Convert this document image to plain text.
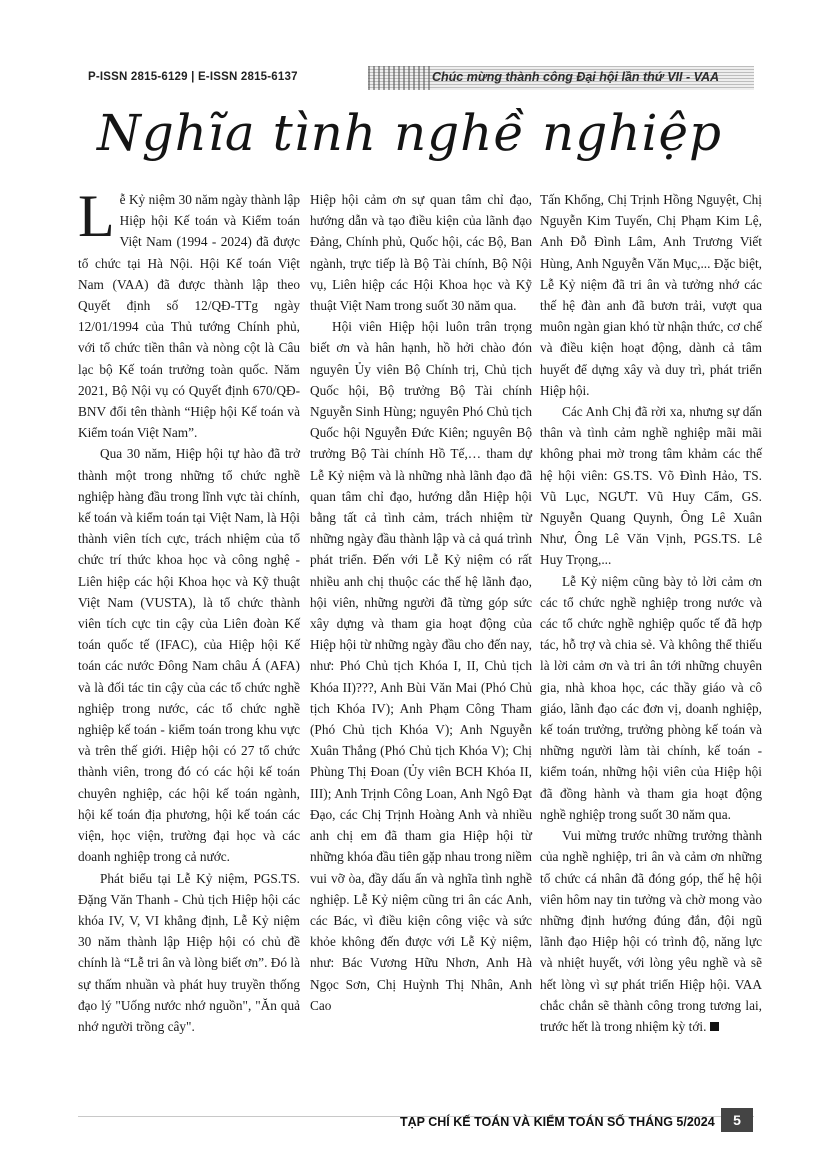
P-ISSN 2815-6129 | E-ISSN 2815-6137	Chúc mừng thành công Đại hội lần thứ VII - VAA
Nghĩa tình nghề nghiệp

Lễ Kỷ niệm 30 năm ngày thành lập Hiệp hội Kế toán và Kiểm toán Việt Nam (1994 - 2024) đã được tổ chức tại Hà Nội. Hội Kế toán Việt Nam (VAA) đã được thành lập theo Quyết định số 12/QĐ-TTg ngày 12/01/1994 của Thủ tướng Chính phủ, với tổ chức tiền thân và nòng cột là Câu lạc bộ Kế toán trưởng toàn quốc. Năm 2021, Bộ Nội vụ có Quyết định 670/QĐ-BNV đổi tên thành “Hiệp hội Kế toán và Kiểm toán Việt Nam”.

Qua 30 năm, Hiệp hội tự hào đã trở thành một trong những tổ chức nghề nghiệp hàng đầu trong lĩnh vực tài chính, kế toán và kiểm toán tại Việt Nam, là Hội thành viên tích cực, trách nhiệm của tổ chức trí thức khoa học và công nghệ - Liên hiệp các hội Khoa học và Kỹ thuật Việt Nam (VUSTA), là tổ chức thành viên tích cực tin cậy của Liên đoàn Kế toán quốc tế (IFAC), của Hiệp hội Kế toán các nước Đông Nam châu Á (AFA) và là đối tác tin cậy của các tổ chức nghề nghiệp trong nước, các tổ chức nghề nghiệp kế toán - kiểm toán trong khu vực và trên thế giới. Hiệp hội có 27 tổ chức thành viên, trong đó có các hội kế toán chuyên nghiệp, các hội kế toán ngành, hội kế toán địa phương, hội kế toán các viện, học viện, trường đại học và các doanh nghiệp trong cả nước.

Phát biểu tại Lễ Kỷ niệm, PGS.TS. Đặng Văn Thanh - Chủ tịch Hiệp hội các khóa IV, V, VI khẳng định, Lễ Kỷ niệm 30 năm thành lập Hiệp hội có chủ đề chính là “Lễ tri ân và lòng biết ơn”. Đó là sự thấm nhuần và phát huy truyền thống đạo lý "Uống nước nhớ nguồn", "Ăn quả nhớ người trồng cây".

Hiệp hội cảm ơn sự quan tâm chỉ đạo, hướng dẫn và tạo điều kiện của lãnh đạo Đảng, Chính phủ, Quốc hội, các Bộ, Ban ngành, trực tiếp là Bộ Tài chính, Bộ Nội vụ, Liên hiệp các Hội Khoa học và Kỹ thuật Việt Nam trong suốt 30 năm qua.

Hội viên Hiệp hội luôn trân trọng biết ơn và hân hạnh, hồ hởi chào đón nguyên Ủy viên Bộ Chính trị, Chủ tịch Quốc hội, Bộ trưởng Bộ Tài chính Nguyễn Sinh Hùng; nguyên Phó Chủ tịch Quốc hội Nguyễn Đức Kiên; nguyên Bộ trưởng Bộ Tài chính Hồ Tế,… tham dự Lễ Kỷ niệm và là những nhà lãnh đạo đã quan tâm chỉ đạo, hướng dẫn Hiệp hội bằng tất cả tình cảm, trách nhiệm từ những ngày đầu thành lập và cả quá trình phát triển. Đến với Lễ Kỷ niệm có rất nhiều anh chị thuộc các thế hệ lãnh đạo, hội viên, những người đã từng góp sức xây dựng và tham gia hoạt động của Hiệp hội từ những ngày đầu cho đến nay, như: Phó Chủ tịch Khóa I, II, Chủ tịch Khóa II)???, Anh Bùi Văn Mai (Phó Chủ tịch Khóa IV); Anh Phạm Công Tham (Phó Chủ tịch Khóa V); Anh Nguyễn Xuân Thắng (Phó Chủ tịch Khóa V); Chị Phùng Thị Đoan (Ủy viên BCH Khóa II, III); Anh Trịnh Công Loan, Anh Ngô Đạt Đạo, các Chị Trịnh Hoàng Anh và nhiều anh chị em đã tham gia Hiệp hội từ những khóa đầu tiên gặp nhau trong niềm vui vỡ òa, đầy dấu ấn và nghĩa tình nghề nghiệp. Lễ Kỷ niệm cũng tri ân các Anh, các Bác, vì điều kiện công việc và sức khỏe không đến được với Lễ Kỷ niệm, như: Bác Vương Hữu Nhơn, Anh Hà Ngọc Sơn, Chị Huỳnh Thị Nhân, Anh Cao

Tấn Khổng, Chị Trịnh Hồng Nguyệt, Chị Nguyễn Kim Tuyến, Chị Phạm Kim Lệ, Anh Đỗ Đình Lâm, Anh Trương Viết Hùng, Anh Nguyễn Văn Mục,... Đặc biệt, Lễ Kỷ niệm đã tri ân và tưởng nhớ các thế hệ đàn anh đã bươn trải, vượt qua muôn ngàn gian khó từ nhận thức, cơ chế và điều kiện hoạt động, dành cả tâm huyết để dựng xây và duy trì, phát triển Hiệp hội.

Các Anh Chị đã rời xa, nhưng sự dấn thân và tình cảm nghề nghiệp mãi mãi không phai mờ trong tâm khảm các thế hệ hội viên: GS.TS. Võ Đình Hảo, TS. Vũ Lục, NGƯT. Vũ Huy Cẩm, GS. Nguyễn Quang Quynh, Ông Lê Xuân Như, Ông Lê Văn Vịnh, PGS.TS. Lê Huy Trọng,...

Lễ Kỷ niệm cũng bày tỏ lời cảm ơn các tổ chức nghề nghiệp trong nước và các tổ chức nghề nghiệp quốc tế đã hợp tác, hỗ trợ và chia sẻ. Và không thể thiếu là lời cảm ơn và tri ân tới những chuyên gia, nhà khoa học, các thầy giáo và cô giáo, lãnh đạo các đơn vị, doanh nghiệp, kế toán trưởng, trưởng phòng kế toán và những người làm tài chính, kế toán - kiểm toán, những hội viên của Hiệp hội đã đồng hành và tham gia hoạt động nghề nghiệp trong suốt 30 năm qua.

Vui mừng trước những trưởng thành của nghề nghiệp, tri ân và cảm ơn những tổ chức cá nhân đã đóng góp, thế hệ hội viên hôm nay tin tưởng và chờ mong vào những định hướng đúng đắn, đội ngũ lãnh đạo Hiệp hội có trình độ, năng lực và nhiệt huyết, với lòng yêu nghề và sẽ hết lòng vì sự phát triển Hiệp hội. VAA chắc chắn sẽ thành công trong tương lai, trước hết là trong nhiệm kỳ tới.

TẠP CHÍ KẾ TOÁN VÀ KIỂM TOÁN SỐ THÁNG 5/2024	5
